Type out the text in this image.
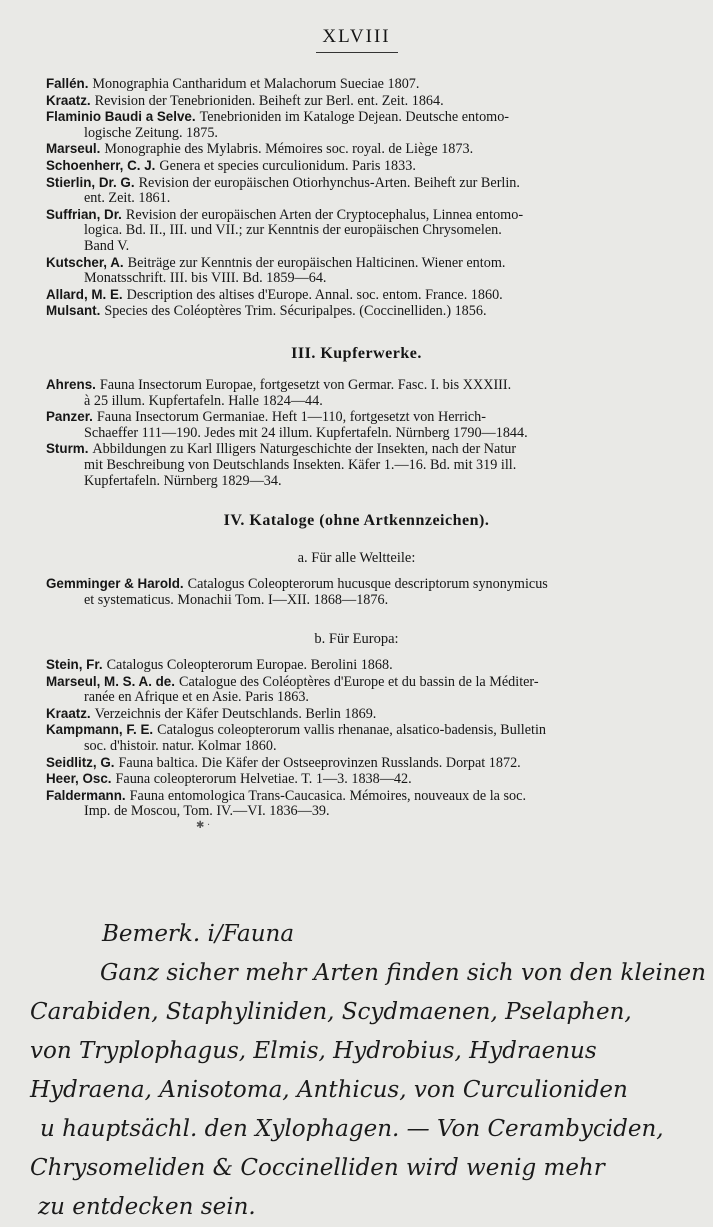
XLVIII

Fallén. Monographia Cantharidum et Malachorum Sueciae 1807.

Kraatz. Revision der Tenebrioniden. Beiheft zur Berl. ent. Zeit. 1864.

Flaminio Baudi a Selve. Tenebrioniden im Kataloge Dejean. Deutsche entomo-
logische Zeitung. 1875.

Marseul. Monographie des Mylabris. Mémoires soc. royal. de Liège 1873.

Schoenherr, C. J. Genera et species curculionidum. Paris 1833.

Stierlin, Dr. G. Revision der europäischen Otiorhynchus-Arten. Beiheft zur Berlin.
ent. Zeit. 1861.

Suffrian, Dr. Revision der europäischen Arten der Cryptocephalus, Linnea entomo-
logica. Bd. II., III. und VII.; zur Kenntnis der europäischen Chrysomelen.
Band V.

Kutscher, A. Beiträge zur Kenntnis der europäischen Halticinen. Wiener entom.
Monatsschrift. III. bis VIII. Bd. 1859—64.

Allard, M. E. Description des altises d'Europe. Annal. soc. entom. France. 1860.

Mulsant. Species des Coléoptères Trim. Sécuripalpes. (Coccinelliden.) 1856.

III. Kupferwerke.

Ahrens. Fauna Insectorum Europae, fortgesetzt von Germar. Fasc. I. bis XXXIII.
à 25 illum. Kupfertafeln. Halle 1824—44.

Panzer. Fauna Insectorum Germaniae. Heft 1—110, fortgesetzt von Herrich-
Schaeffer 111—190. Jedes mit 24 illum. Kupfertafeln. Nürnberg 1790—1844.

Sturm. Abbildungen zu Karl Illigers Naturgeschichte der Insekten, nach der Natur
mit Beschreibung von Deutschlands Insekten. Käfer 1.—16. Bd. mit 319 ill.
Kupfertafeln. Nürnberg 1829—34.

IV. Kataloge (ohne Artkennzeichen).
a. Für alle Weltteile:

Gemminger & Harold. Catalogus Coleopterorum hucusque descriptorum synonymicus
et systematicus. Monachii Tom. I—XII. 1868—1876.

b. Für Europa:

Stein, Fr. Catalogus Coleopterorum Europae. Berolini 1868.

Marseul, M. S. A. de. Catalogue des Coléoptères d'Europe et du bassin de la Méditer-
ranée en Afrique et en Asie. Paris 1863.

Kraatz. Verzeichnis der Käfer Deutschlands. Berlin 1869.

Kampmann, F. E. Catalogus coleopterorum vallis rhenanae, alsatico-badensis, Bulletin
soc. d'histoir. natur. Kolmar 1860.

Seidlitz, G. Fauna baltica. Die Käfer der Ostseeprovinzen Russlands. Dorpat 1872.

Heer, Osc. Fauna coleopterorum Helvetiae. T. 1—3. 1838—42.

Faldermann. Fauna entomologica Trans-Caucasica. Mémoires, nouveaux de la soc.
Imp. de Moscou, Tom. IV.—VI. 1836—39.

✱ ·
Bemerk. i/Fauna
Ganz sicher mehr Arten finden sich von den kleinen
Carabiden, Staphyliniden, Scydmaenen, Pselaphen,
von Tryplophagus, Elmis, Hydrobius, Hydraenus
Hydraena, Anisotoma, Anthicus, von Curculioniden
u hauptsächl. den Xylophagen. — Von Cerambyciden,
Chrysomeliden & Coccinelliden wird wenig mehr
zu entdecken sein.
